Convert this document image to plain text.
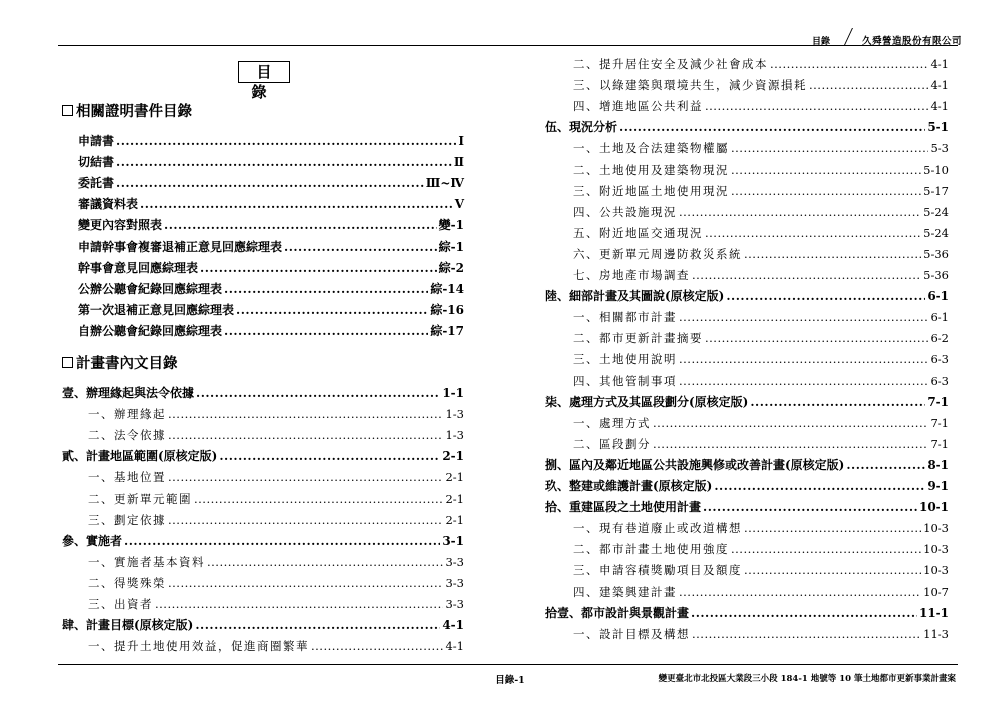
目錄	久舜營造股份有限公司
目錄
相關證明書件目錄
申請書 .....	Ⅰ
切結書 .....	Ⅱ
委託書 .....	Ⅲ~Ⅳ
審議資料表 .....	Ⅴ
變更內容對照表 .....	變-1
申請幹事會複審退補正意見回應綜理表 .....	綜-1
幹事會意見回應綜理表 .....	綜-2
公辦公聽會紀錄回應綜理表 .....	綜-14
第一次退補正意見回應綜理表 .....	綜-16
自辦公聽會紀錄回應綜理表 .....	綜-17
計畫書內文目錄
壹、辦理緣起與法令依據 .....	1-1
一、辦理緣起 .....	1-3
二、法令依據 .....	1-3
貳、計畫地區範圍(原核定版) .....	2-1
一、基地位置 .....	2-1
二、更新單元範圍 .....	2-1
三、劃定依據 .....	2-1
參、實施者 .....	3-1
一、實施者基本資料 .....	3-3
二、得獎殊榮 .....	3-3
三、出資者 .....	3-3
肆、計畫目標(原核定版) .....	4-1
一、提升土地使用效益，促進商圈繁華 .....	4-1
二、提升居住安全及減少社會成本 .....	4-1
三、以綠建築與環境共生，減少資源損耗 .....	4-1
四、增進地區公共利益 .....	4-1
伍、現況分析 .....	5-1
一、土地及合法建築物權屬 .....	5-3
二、土地使用及建築物現況 .....	5-10
三、附近地區土地使用現況 .....	5-17
四、公共設施現況 .....	5-24
五、附近地區交通現況 .....	5-24
六、更新單元周邊防救災系統 .....	5-36
七、房地產市場調查 .....	5-36
陸、細部計畫及其圖說(原核定版) .....	6-1
一、相關都市計畫 .....	6-1
二、都市更新計畫摘要 .....	6-2
三、土地使用說明 .....	6-3
四、其他管制事項 .....	6-3
柒、處理方式及其區段劃分(原核定版) .....	7-1
一、處理方式 .....	7-1
二、區段劃分 .....	7-1
捌、區內及鄰近地區公共設施興修或改善計畫(原核定版) .....	8-1
玖、整建或維護計畫(原核定版) .....	9-1
拾、重建區段之土地使用計畫 .....	10-1
一、現有巷道廢止或改道構想 .....	10-3
二、都市計畫土地使用強度 .....	10-3
三、申請容積獎勵項目及額度 .....	10-3
四、建築興建計畫 .....	10-7
拾壹、都市設計與景觀計畫 .....	11-1
一、設計目標及構想 .....	11-3
目錄-1	變更臺北市北投區大業段三小段 184-1 地號等 10 筆土地都市更新事業計畫案
